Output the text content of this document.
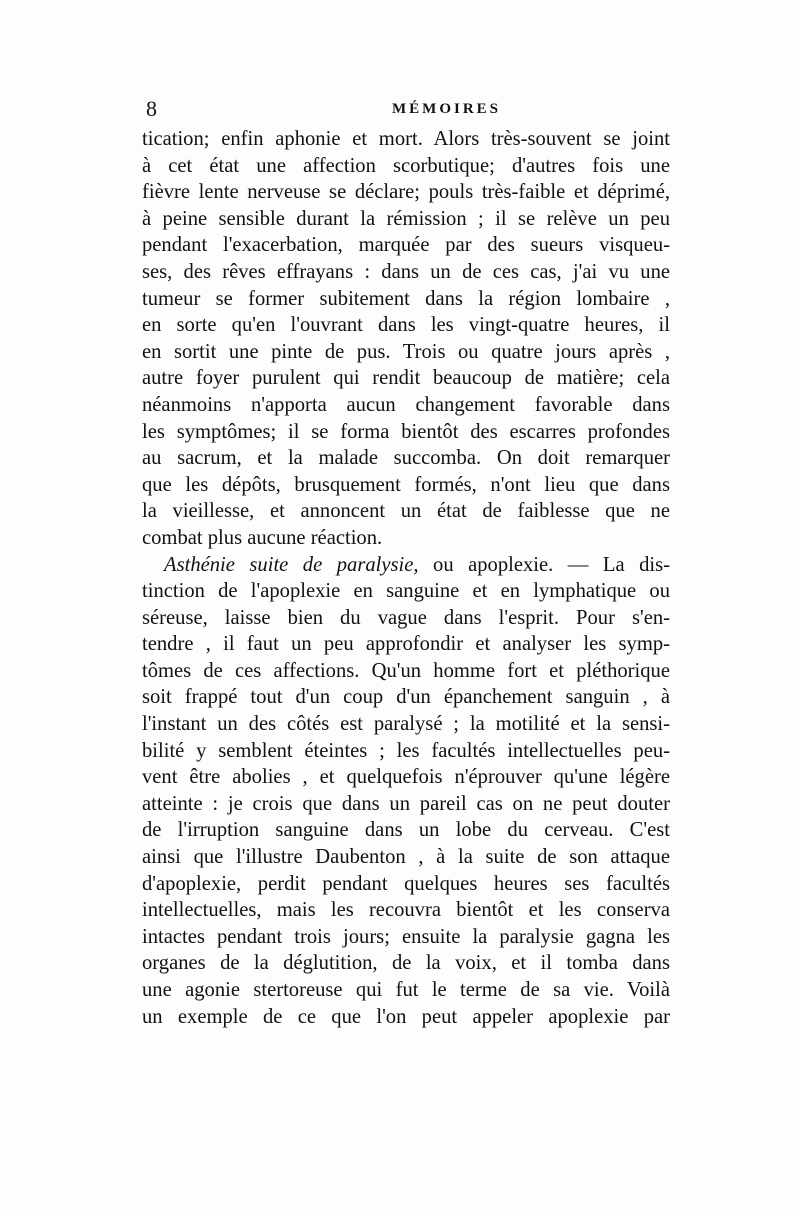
8	MÉMOIRES
tication; enfin aphonie et mort. Alors très-souvent se joint
à cet état une affection scorbutique; d'autres fois une
fièvre lente nerveuse se déclare; pouls très-faible et déprimé,
à peine sensible durant la rémission ; il se relève un peu
pendant l'exacerbation, marquée par des sueurs visqueu-
ses, des rêves effrayans : dans un de ces cas, j'ai vu une
tumeur se former subitement dans la région lombaire ,
en sorte qu'en l'ouvrant dans les vingt-quatre heures, il
en sortit une pinte de pus. Trois ou quatre jours après ,
autre foyer purulent qui rendit beaucoup de matière; cela
néanmoins n'apporta aucun changement favorable dans
les symptômes; il se forma bientôt des escarres profondes
au sacrum, et la malade succomba. On doit remarquer
que les dépôts, brusquement formés, n'ont lieu que dans
la vieillesse, et annoncent un état de faiblesse que ne
combat plus aucune réaction.
Asthénie suite de paralysie, ou apoplexie. — La dis-
tinction de l'apoplexie en sanguine et en lymphatique ou
séreuse, laisse bien du vague dans l'esprit. Pour s'en-
tendre , il faut un peu approfondir et analyser les symp-
tômes de ces affections. Qu'un homme fort et pléthorique
soit frappé tout d'un coup d'un épanchement sanguin , à
l'instant un des côtés est paralysé ; la motilité et la sensi-
bilité y semblent éteintes ; les facultés intellectuelles peu-
vent être abolies , et quelquefois n'éprouver qu'une légère
atteinte : je crois que dans un pareil cas on ne peut douter
de l'irruption sanguine dans un lobe du cerveau. C'est
ainsi que l'illustre Daubenton , à la suite de son attaque
d'apoplexie, perdit pendant quelques heures ses facultés
intellectuelles, mais les recouvra bientôt et les conserva
intactes pendant trois jours; ensuite la paralysie gagna les
organes de la déglutition, de la voix, et il tomba dans
une agonie stertoreuse qui fut le terme de sa vie. Voilà
un exemple de ce que l'on peut appeler apoplexie par
